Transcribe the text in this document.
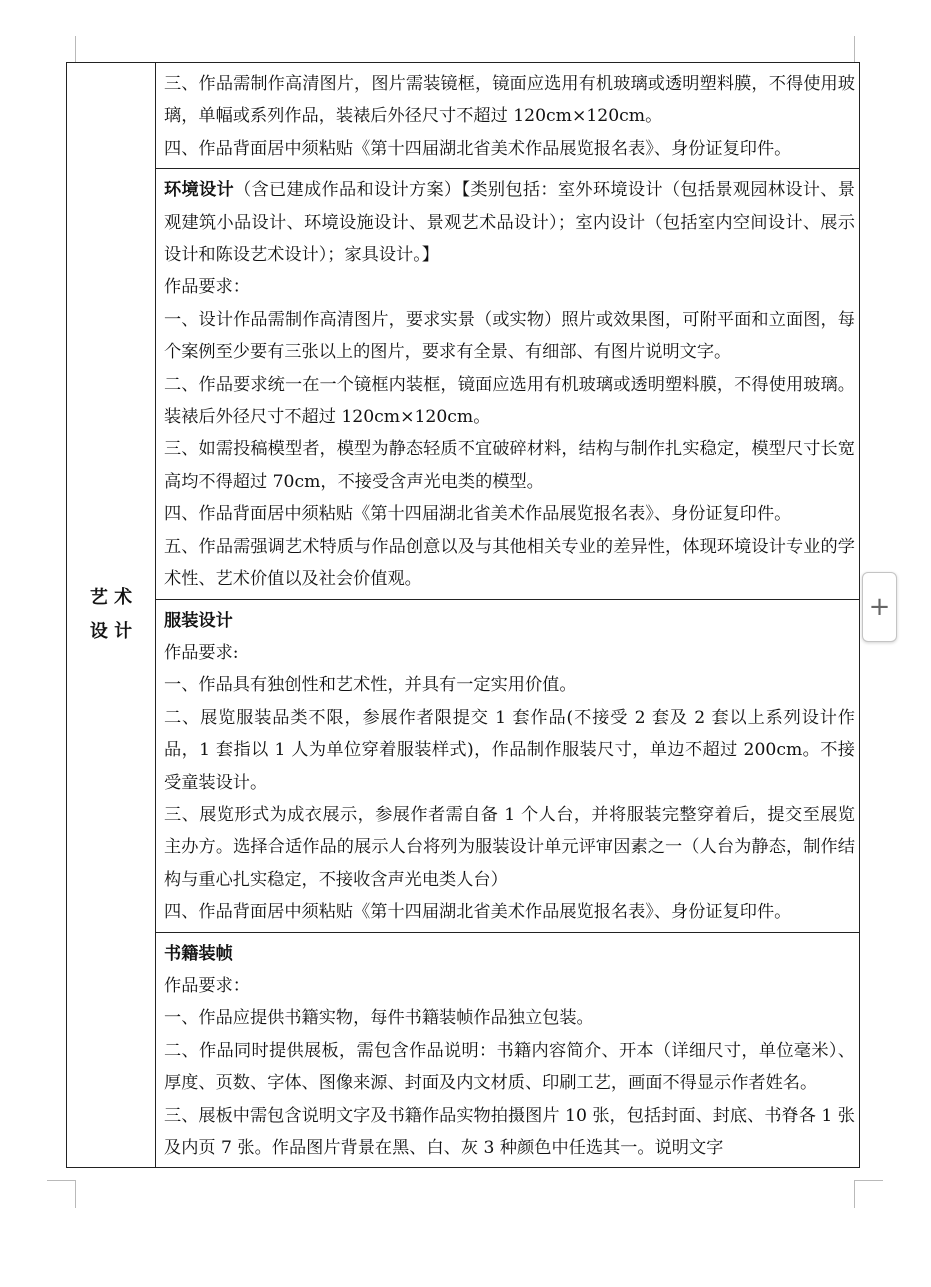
艺 术
设 计

三、作品需制作高清图片，图片需装镜框，镜面应选用有机玻璃或透明塑料膜，不得使用玻璃，单幅或系列作品，装裱后外径尺寸不超过 120cm×120cm。

四、作品背面居中须粘贴《第十四届湖北省美术作品展览报名表》、身份证复印件。

环境设计（含已建成作品和设计方案）【类别包括：室外环境设计（包括景观园林设计、景观建筑小品设计、环境设施设计、景观艺术品设计）；室内设计（包括室内空间设计、展示设计和陈设艺术设计）；家具设计。】

作品要求：

一、设计作品需制作高清图片，要求实景（或实物）照片或效果图，可附平面和立面图，每个案例至少要有三张以上的图片，要求有全景、有细部、有图片说明文字。

二、作品要求统一在一个镜框内装框，镜面应选用有机玻璃或透明塑料膜，不得使用玻璃。装裱后外径尺寸不超过 120cm×120cm。

三、如需投稿模型者，模型为静态轻质不宜破碎材料，结构与制作扎实稳定，模型尺寸长宽高均不得超过 70cm，不接受含声光电类的模型。

四、作品背面居中须粘贴《第十四届湖北省美术作品展览报名表》、身份证复印件。

五、作品需强调艺术特质与作品创意以及与其他相关专业的差异性，体现环境设计专业的学术性、艺术价值以及社会价值观。

服装设计

作品要求:

一、作品具有独创性和艺术性，并具有一定实用价值。

二、展览服装品类不限，参展作者限提交 1 套作品(不接受 2 套及 2 套以上系列设计作品，1 套指以 1 人为单位穿着服装样式)，作品制作服装尺寸，单边不超过 200cm。不接受童装设计。

三、展览形式为成衣展示，参展作者需自备 1 个人台，并将服装完整穿着后，提交至展览主办方。选择合适作品的展示人台将列为服装设计单元评审因素之一（人台为静态，制作结构与重心扎实稳定，不接收含声光电类人台）

四、作品背面居中须粘贴《第十四届湖北省美术作品展览报名表》、身份证复印件。

书籍装帧

作品要求：

一、作品应提供书籍实物，每件书籍装帧作品独立包装。

二、作品同时提供展板，需包含作品说明：书籍内容简介、开本（详细尺寸，单位毫米）、厚度、页数、字体、图像来源、封面及内文材质、印刷工艺，画面不得显示作者姓名。

三、展板中需包含说明文字及书籍作品实物拍摄图片 10 张，包括封面、封底、书脊各 1 张及内页 7 张。作品图片背景在黑、白、灰 3 种颜色中任选其一。说明文字

+
